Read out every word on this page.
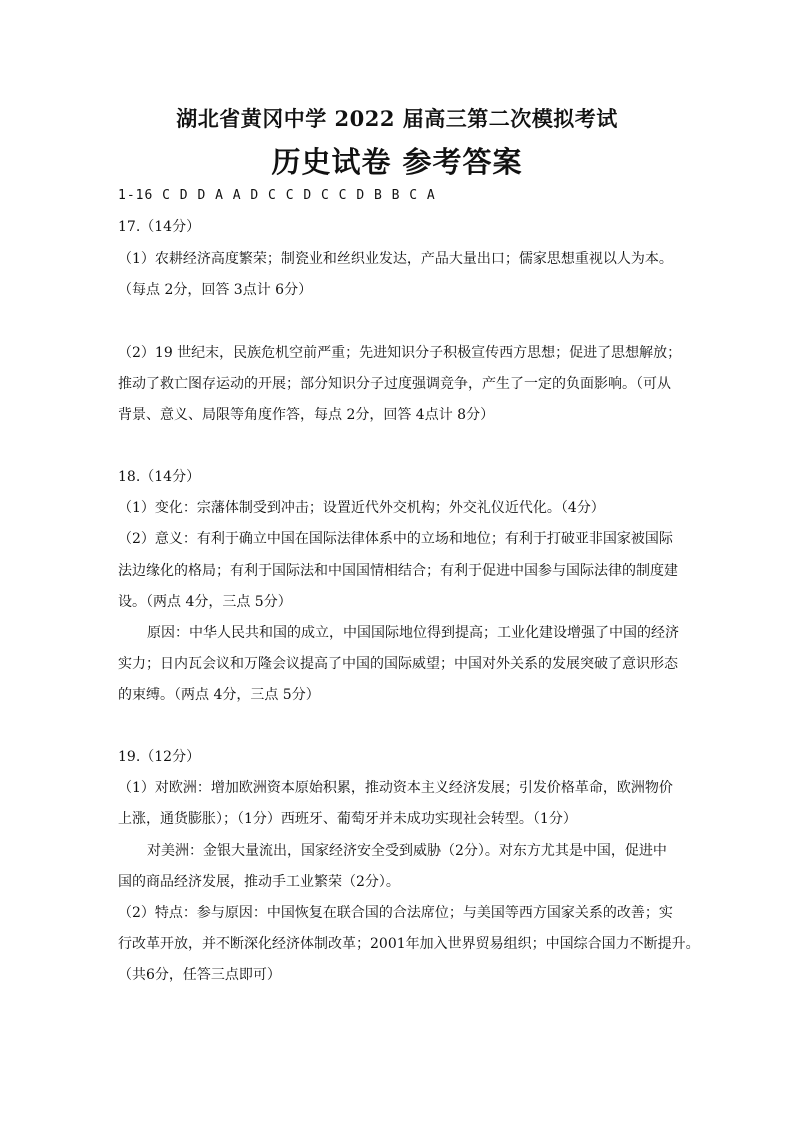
湖北省黄冈中学 2022 届高三第二次模拟考试
历史试卷 参考答案
1-16 C D D A A D C C D C C D B B C A
17.（14分）
（1）农耕经济高度繁荣；制瓷业和丝织业发达，产品大量出口；儒家思想重视以人为本。
（每点 2分，回答 3点计 6分）
（2）19 世纪末，民族危机空前严重；先进知识分子积极宣传西方思想；促进了思想解放；
推动了救亡图存运动的开展；部分知识分子过度强调竞争，产生了一定的负面影响。（可从
背景、意义、局限等角度作答，每点 2分，回答 4点计 8分）
18.（14分）
（1）变化：宗藩体制受到冲击；设置近代外交机构；外交礼仪近代化。（4分）
（2）意义：有利于确立中国在国际法律体系中的立场和地位；有利于打破亚非国家被国际
法边缘化的格局；有利于国际法和中国国情相结合；有利于促进中国参与国际法律的制度建
设。（两点 4分，三点 5分）
原因：中华人民共和国的成立，中国国际地位得到提高；工业化建设增强了中国的经济
实力；日内瓦会议和万隆会议提高了中国的国际威望；中国对外关系的发展突破了意识形态
的束缚。（两点 4分，三点 5分）
19.（12分）
（1）对欧洲：增加欧洲资本原始积累，推动资本主义经济发展；引发价格革命，欧洲物价
上涨，通货膨胀）；（1分）西班牙、葡萄牙并未成功实现社会转型。（1分）
对美洲：金银大量流出，国家经济安全受到威胁（2分）。对东方尤其是中国，促进中
国的商品经济发展，推动手工业繁荣（2分）。
（2）特点：参与原因：中国恢复在联合国的合法席位；与美国等西方国家关系的改善；实
行改革开放，并不断深化经济体制改革；2001年加入世界贸易组织；中国综合国力不断提升。
（共6分，任答三点即可）
